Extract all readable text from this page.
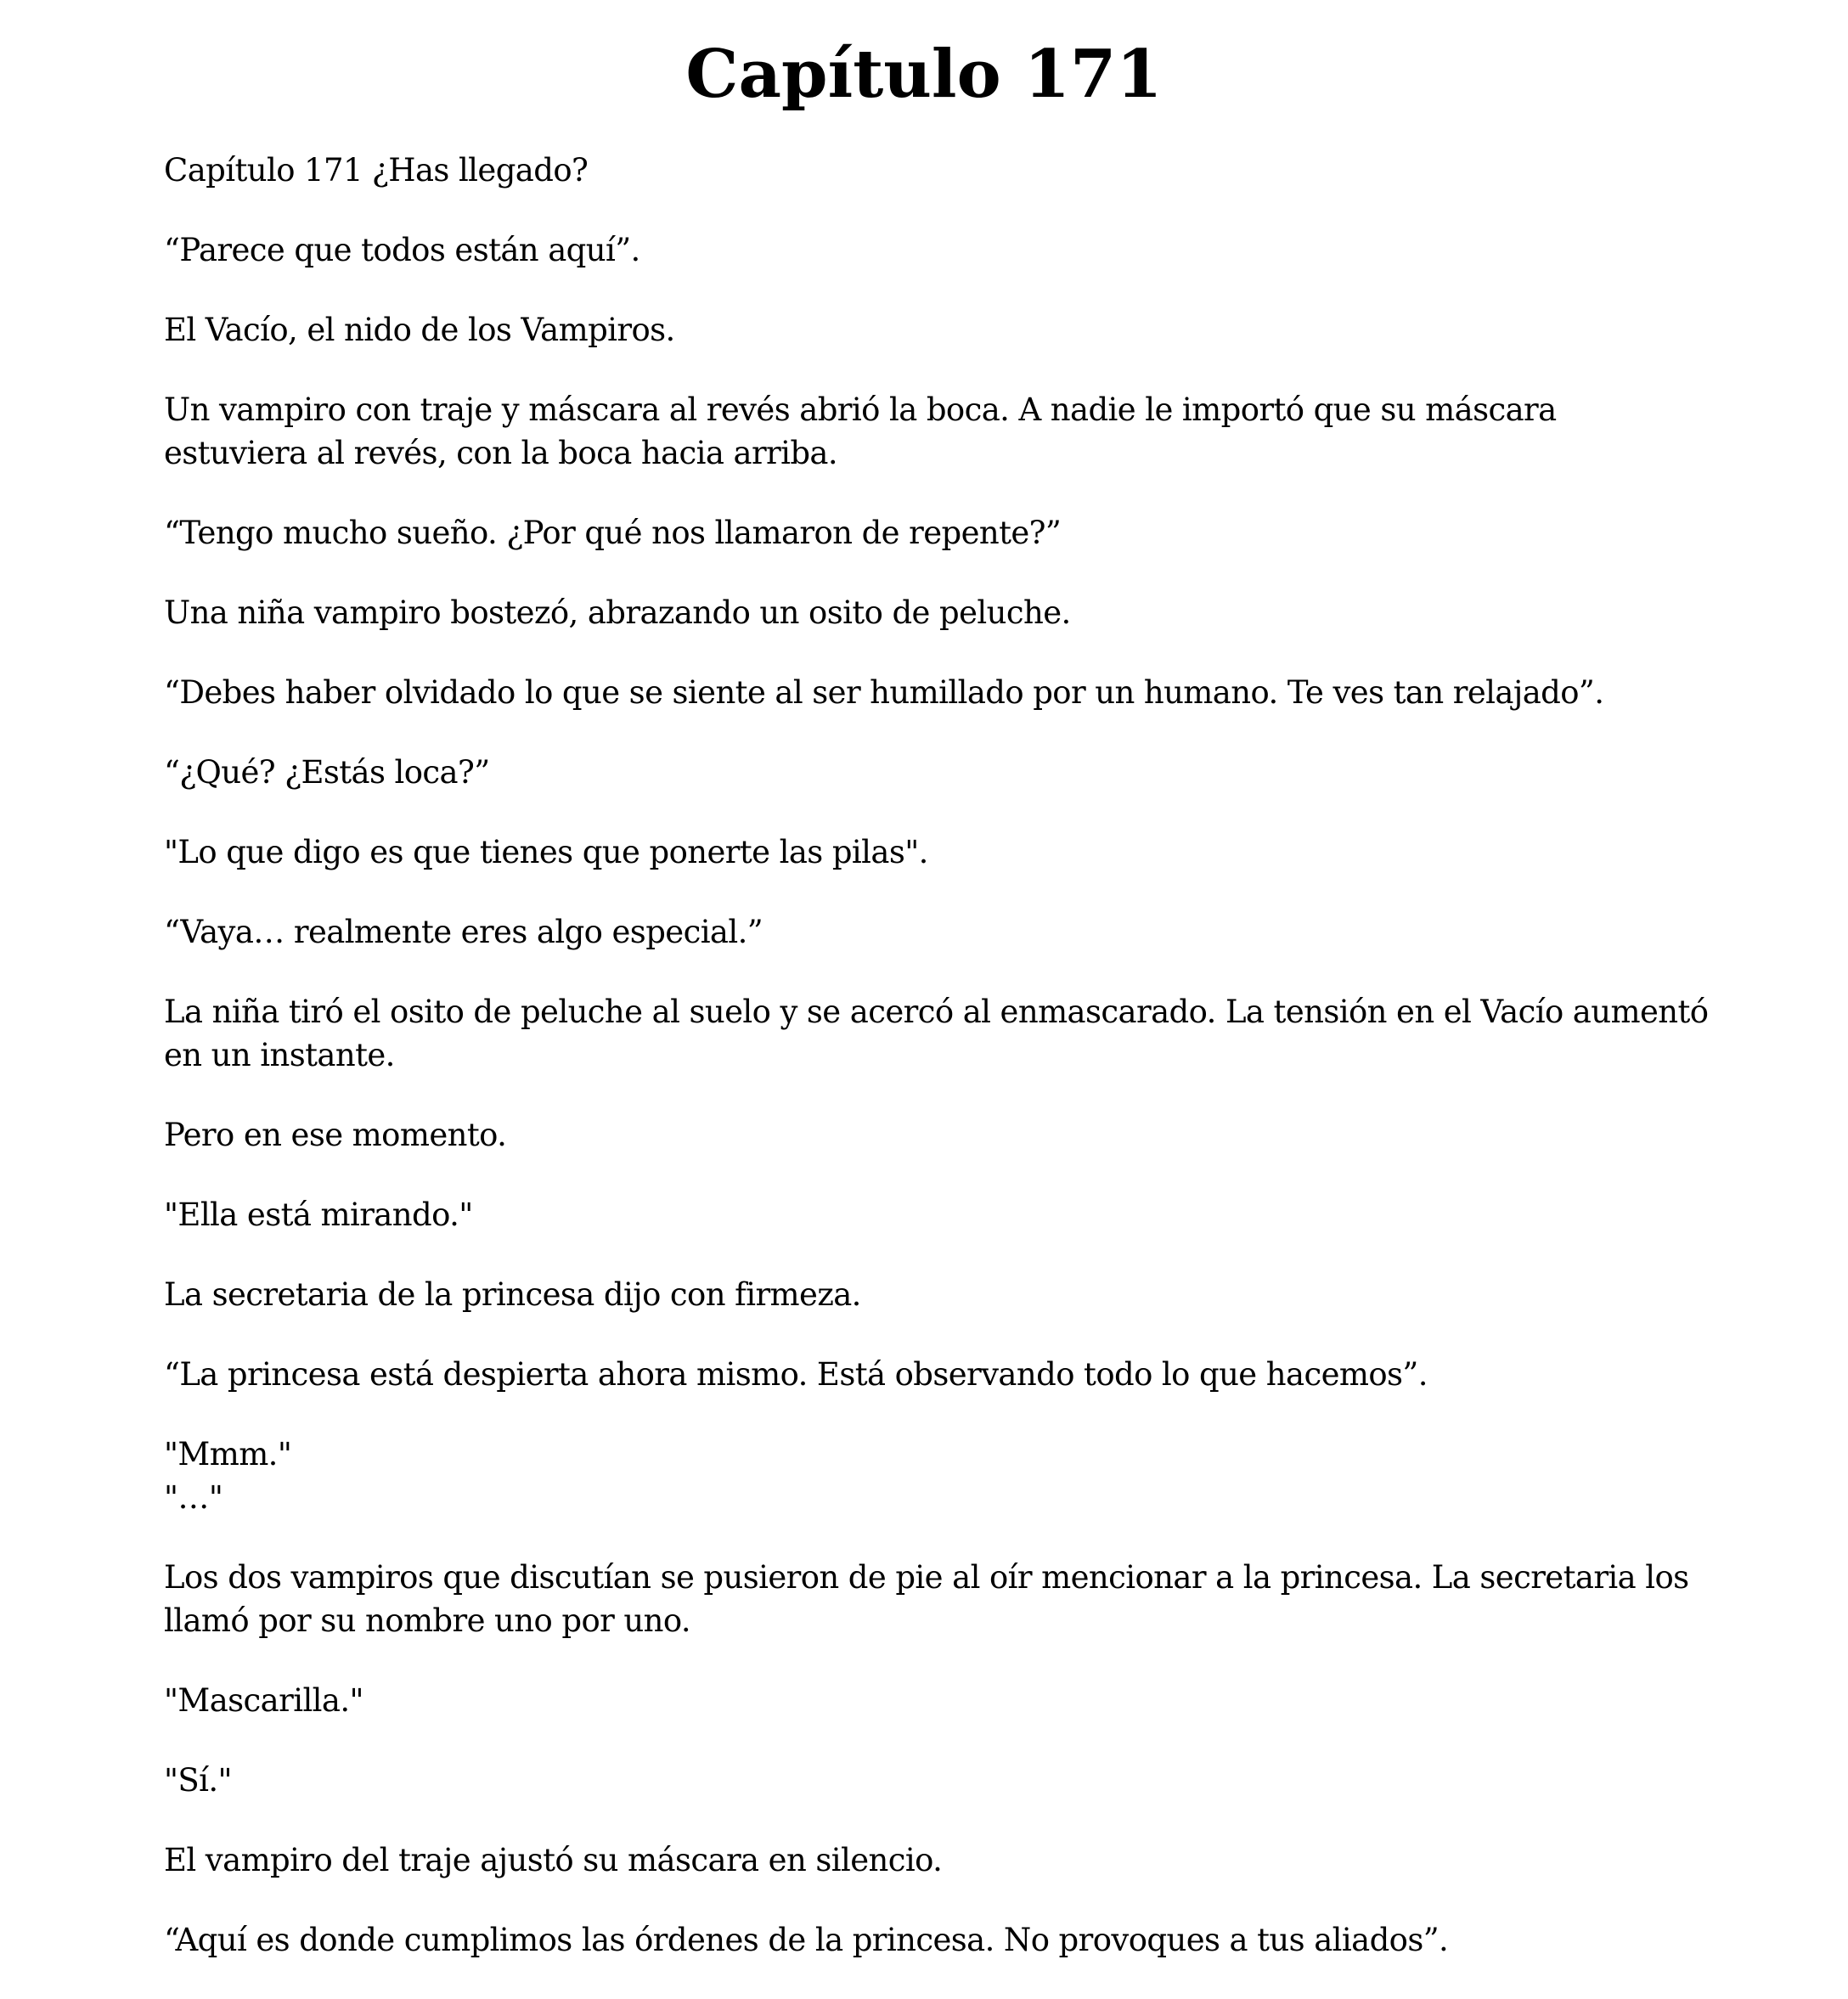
Capítulo 171

Capítulo 171 ¿Has llegado?

“Parece que todos están aquí”.

El Vacío, el nido de los Vampiros.

Un vampiro con traje y máscara al revés abrió la boca. A nadie le importó que su máscara
estuviera al revés, con la boca hacia arriba.

“Tengo mucho sueño. ¿Por qué nos llamaron de repente?”

Una niña vampiro bostezó, abrazando un osito de peluche.

“Debes haber olvidado lo que se siente al ser humillado por un humano. Te ves tan relajado”.

“¿Qué? ¿Estás loca?”

"Lo que digo es que tienes que ponerte las pilas".

“Vaya… realmente eres algo especial.”

La niña tiró el osito de peluche al suelo y se acercó al enmascarado. La tensión en el Vacío aumentó
en un instante.

Pero en ese momento.

"Ella está mirando."

La secretaria de la princesa dijo con firmeza.

“La princesa está despierta ahora mismo. Está observando todo lo que hacemos”.

"Mmm."
"…"

Los dos vampiros que discutían se pusieron de pie al oír mencionar a la princesa. La secretaria los
llamó por su nombre uno por uno.

"Mascarilla."

"Sí."

El vampiro del traje ajustó su máscara en silencio.

“Aquí es donde cumplimos las órdenes de la princesa. No provoques a tus aliados”.
